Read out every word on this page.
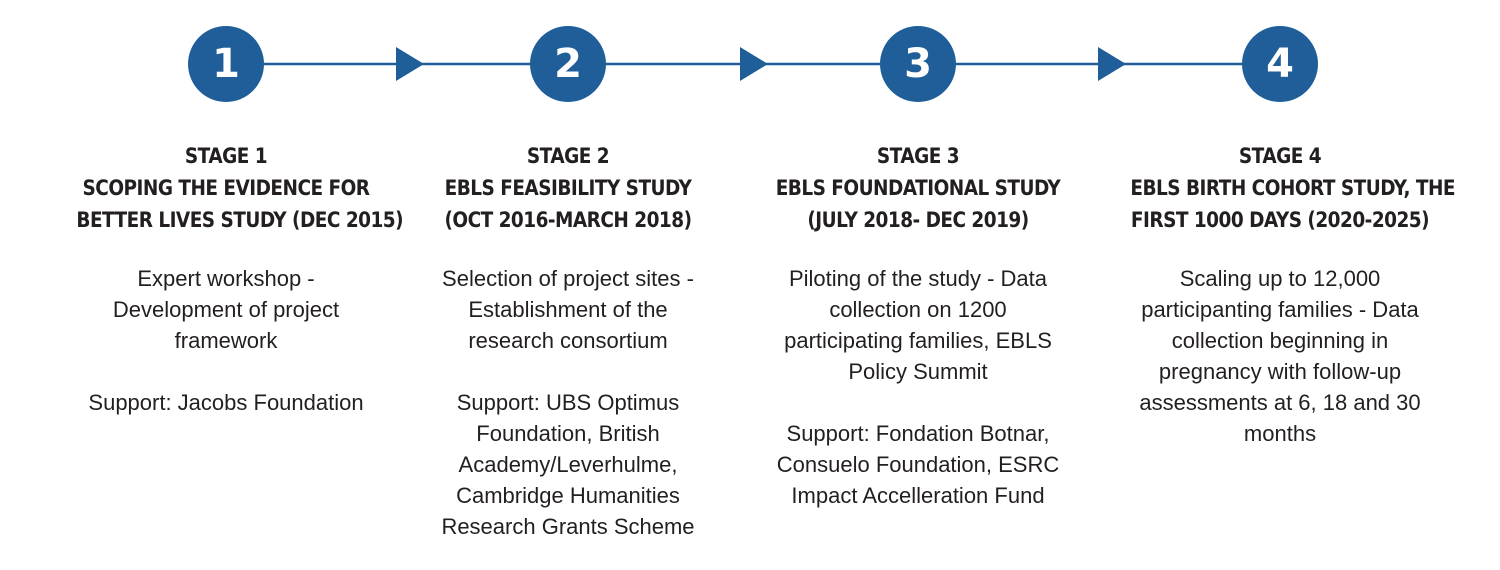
1	2	3	4
STAGE 1
SCOPING THE EVIDENCE FOR
BETTER LIVES STUDY (DEC 2015)
Expert workshop - Development of project framework
Support: Jacobs Foundation
STAGE 2
EBLS FEASIBILITY STUDY
(OCT 2016-MARCH 2018)
Selection of project sites - Establishment of the research consortium
Support: UBS Optimus Foundation, British Academy/Leverhulme, Cambridge Humanities Research Grants Scheme
STAGE 3
EBLS FOUNDATIONAL STUDY
(JULY 2018- DEC 2019)
Piloting of the study - Data collection on 1200 participating families, EBLS Policy Summit
Support: Fondation Botnar, Consuelo Foundation, ESRC Impact Accelleration Fund
STAGE 4
EBLS BIRTH COHORT STUDY, THE
FIRST 1000 DAYS (2020-2025)
Scaling up to 12,000 participanting families - Data collection beginning in pregnancy with follow-up assessments at 6, 18 and 30 months
